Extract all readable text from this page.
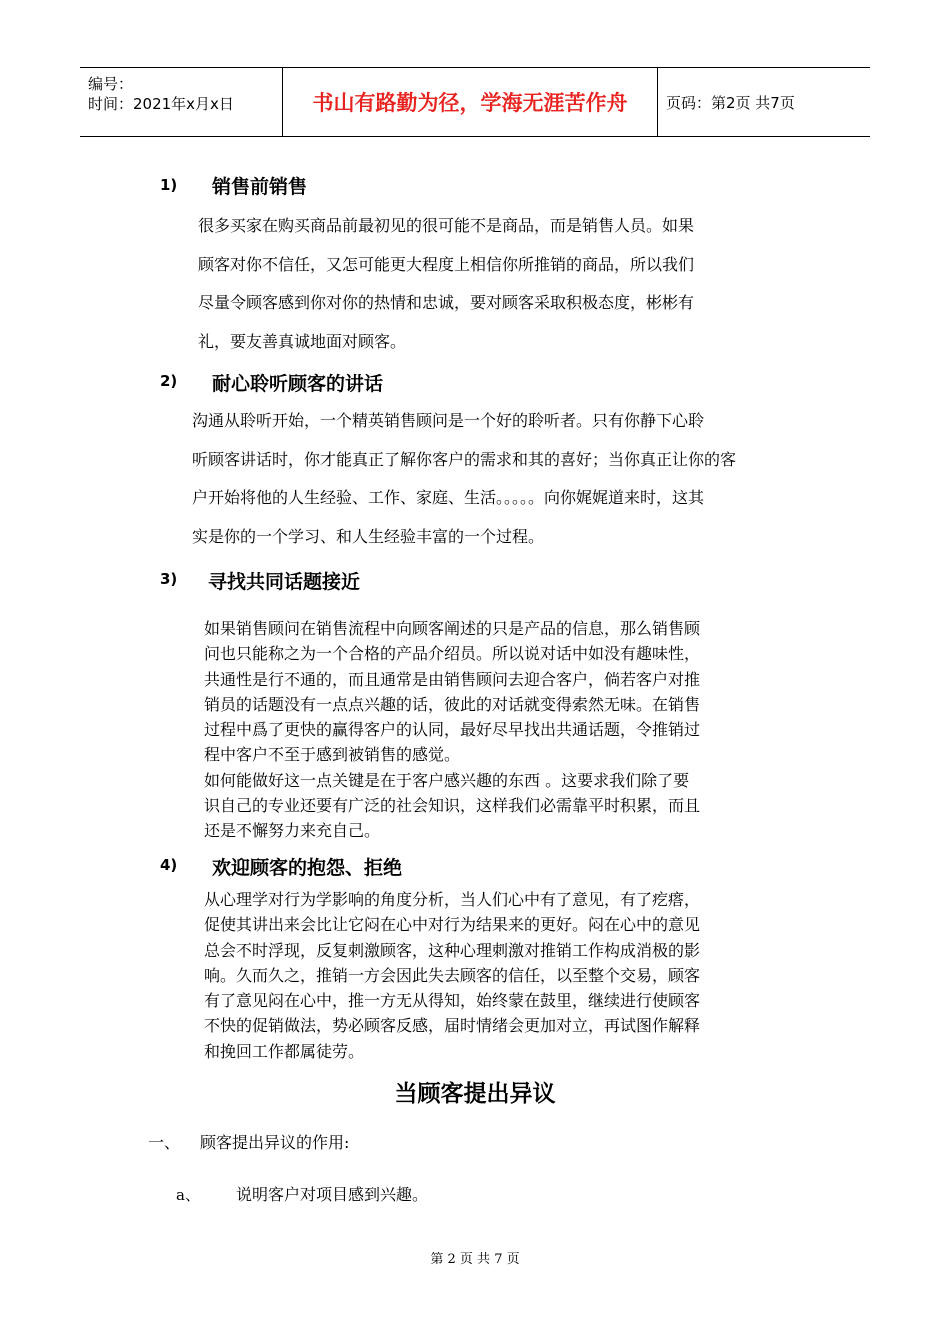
编号：
时间：2021年x月x日	书山有路勤为径，学海无涯苦作舟	页码：第2页 共7页
1) 销售前销售
很多买家在购买商品前最初见的很可能不是商品，而是销售人员。如果
顾客对你不信任，又怎可能更大程度上相信你所推销的商品，所以我们
尽量令顾客感到你对你的热情和忠诚，要对顾客采取积极态度，彬彬有
礼，要友善真诚地面对顾客。
2) 耐心聆听顾客的讲话
沟通从聆听开始，一个精英销售顾问是一个好的聆听者。只有你静下心聆
听顾客讲话时，你才能真正了解你客户的需求和其的喜好；当你真正让你的客
户开始将他的人生经验、工作、家庭、生活。。。。。向你娓娓道来时，这其
实是你的一个学习、和人生经验丰富的一个过程。
3) 寻找共同话题接近
如果销售顾问在销售流程中向顾客阐述的只是产品的信息，那么销售顾
问也只能称之为一个合格的产品介绍员。所以说对话中如没有趣味性，
共通性是行不通的，而且通常是由销售顾问去迎合客户，倘若客户对推
销员的话题没有一点点兴趣的话，彼此的对话就变得索然无味。在销售
过程中爲了更快的赢得客户的认同，最好尽早找出共通话题，令推销过
程中客户不至于感到被销售的感觉。
如何能做好这一点关键是在于客户感兴趣的东西 。这要求我们除了要
识自己的专业还要有广泛的社会知识，这样我们必需靠平时积累，而且
还是不懈努力来充自己。
4) 欢迎顾客的抱怨、拒绝
从心理学对行为学影响的角度分析，当人们心中有了意见，有了疙瘩，
促使其讲出来会比让它闷在心中对行为结果来的更好。闷在心中的意见
总会不时浮现，反复刺激顾客，这种心理刺激对推销工作构成消极的影
响。久而久之，推销一方会因此失去顾客的信任，以至整个交易，顾客
有了意见闷在心中，推一方无从得知，始终蒙在鼓里，继续进行使顾客
不快的促销做法，势必顾客反感，届时情绪会更加对立，再试图作解释
和挽回工作都属徒劳。
当顾客提出异议
一、 顾客提出异议的作用:
a、 说明客户对项目感到兴趣。
第 2 页 共 7 页
